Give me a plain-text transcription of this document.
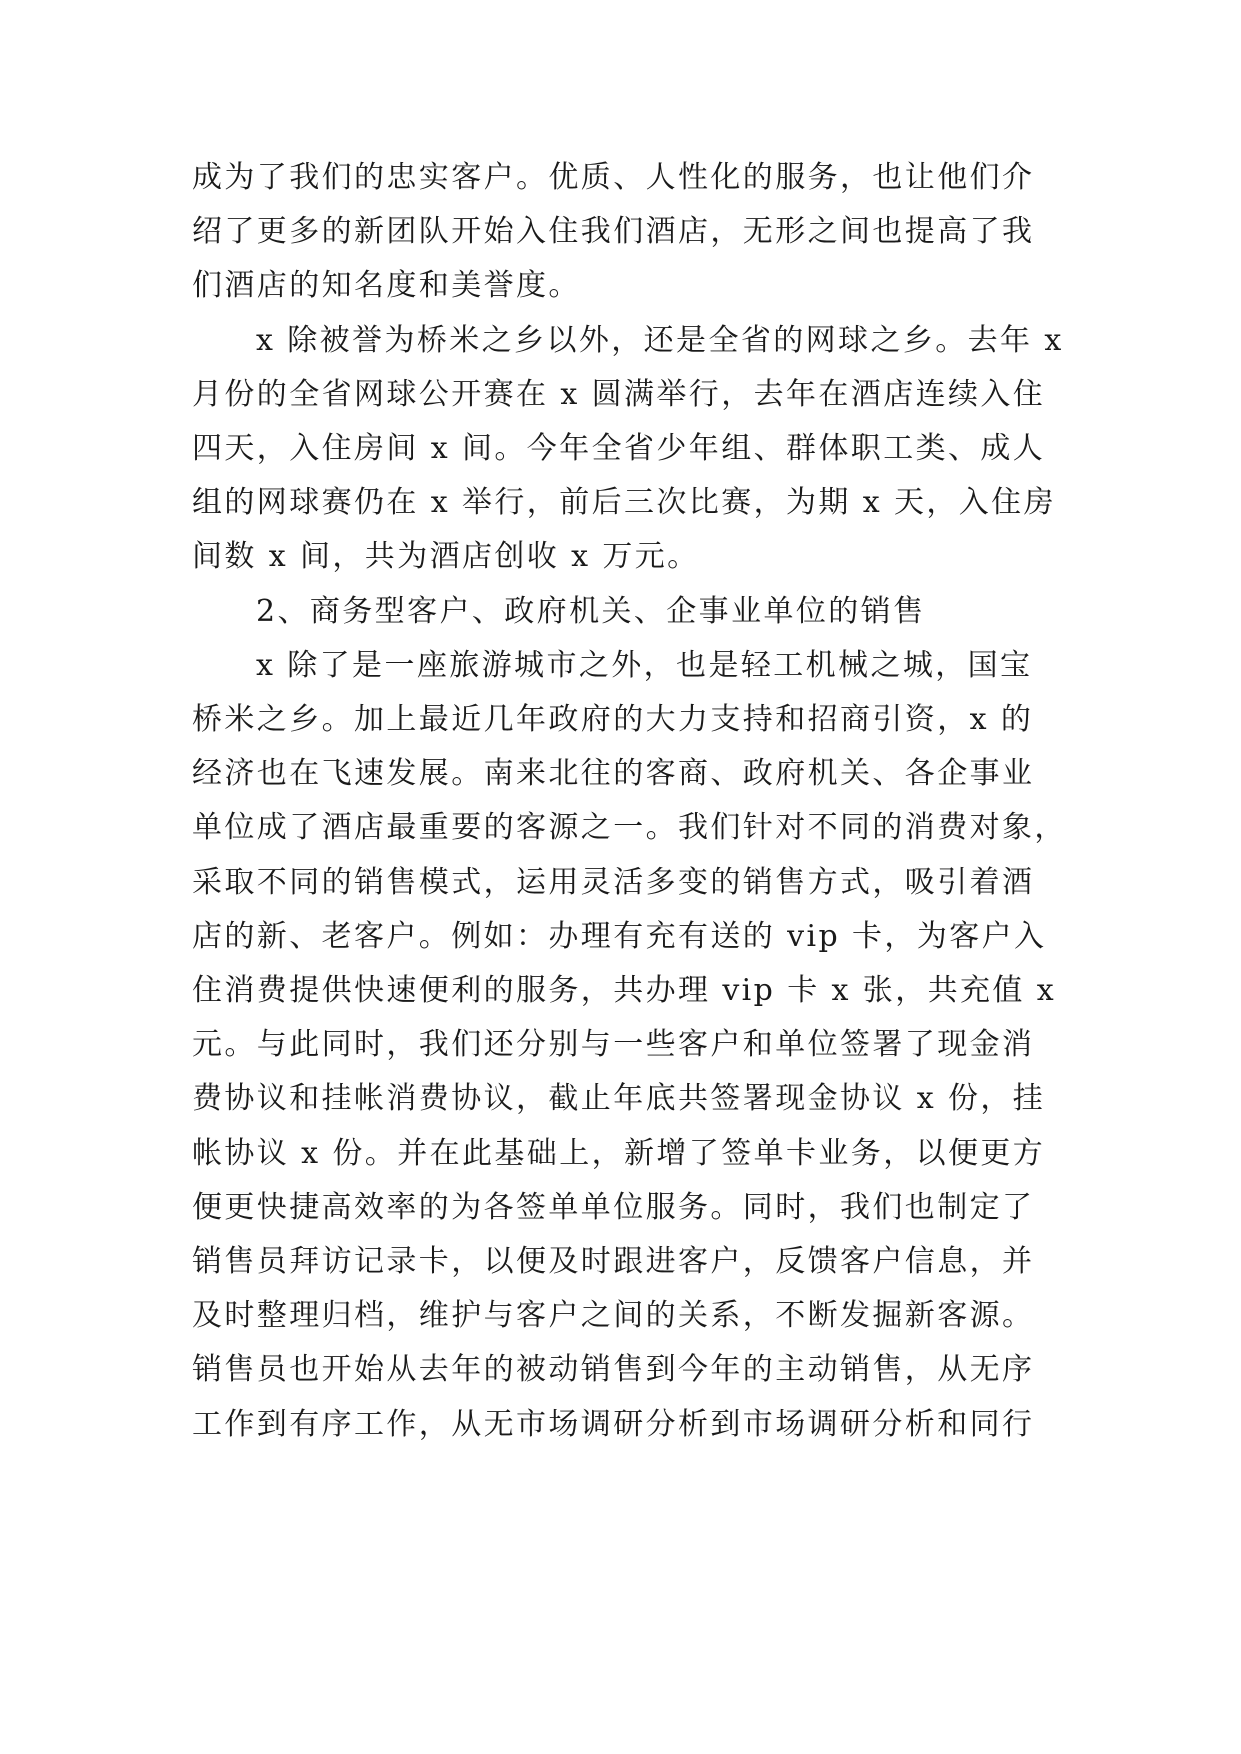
成为了我们的忠实客户。优质、人性化的服务，也让他们介
绍了更多的新团队开始入住我们酒店，无形之间也提高了我
们酒店的知名度和美誉度。
x 除被誉为桥米之乡以外，还是全省的网球之乡。去年 x
月份的全省网球公开赛在 x 圆满举行，去年在酒店连续入住
四天，入住房间 x 间。今年全省少年组、群体职工类、成人
组的网球赛仍在 x 举行，前后三次比赛，为期 x 天，入住房
间数 x 间，共为酒店创收 x 万元。
2、商务型客户、政府机关、企事业单位的销售
x 除了是一座旅游城市之外，也是轻工机械之城，国宝
桥米之乡。加上最近几年政府的大力支持和招商引资，x 的
经济也在飞速发展。南来北往的客商、政府机关、各企事业
单位成了酒店最重要的客源之一。我们针对不同的消费对象，
采取不同的销售模式，运用灵活多变的销售方式，吸引着酒
店的新、老客户。例如：办理有充有送的 vip 卡，为客户入
住消费提供快速便利的服务，共办理 vip 卡 x 张，共充值 x
元。与此同时，我们还分别与一些客户和单位签署了现金消
费协议和挂帐消费协议，截止年底共签署现金协议 x 份，挂
帐协议 x 份。并在此基础上，新增了签单卡业务，以便更方
便更快捷高效率的为各签单单位服务。同时，我们也制定了
销售员拜访记录卡，以便及时跟进客户，反馈客户信息，并
及时整理归档，维护与客户之间的关系，不断发掘新客源。
销售员也开始从去年的被动销售到今年的主动销售，从无序
工作到有序工作，从无市场调研分析到市场调研分析和同行
